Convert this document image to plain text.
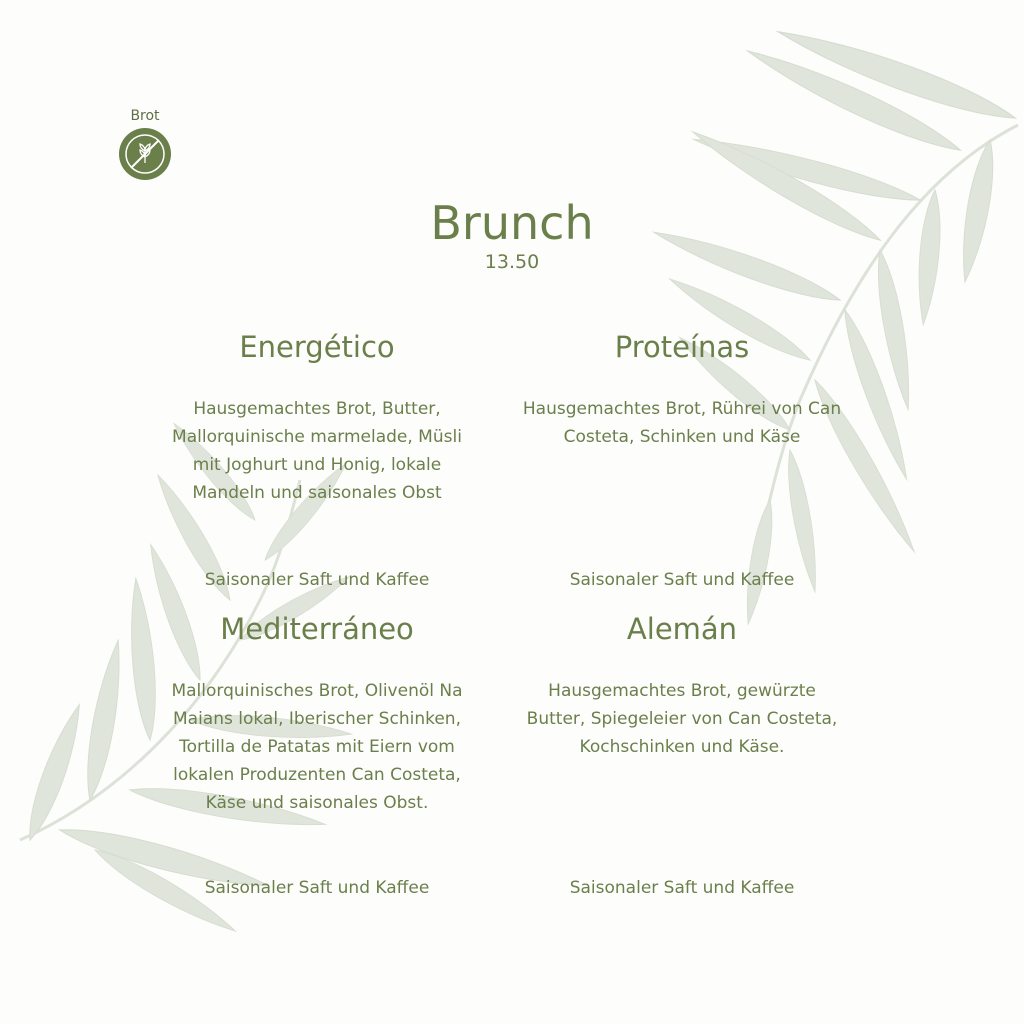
Brot
Brunch
13.50
Energético
Hausgemachtes Brot, Butter, Mallorquinische marmelade, Müsli mit Joghurt und Honig, lokale Mandeln und saisonales Obst
Saisonaler Saft und Kaffee
Proteínas
Hausgemachtes Brot, Rührei von Can Costeta, Schinken und Käse
Saisonaler Saft und Kaffee
Mediterráneo
Mallorquinisches Brot, Olivenöl Na Maians lokal, Iberischer Schinken, Tortilla de Patatas mit Eiern vom lokalen Produzenten Can Costeta, Käse und saisonales Obst.
Saisonaler Saft und Kaffee
Alemán
Hausgemachtes Brot, gewürzte Butter, Spiegeleier von Can Costeta, Kochschinken und Käse.
Saisonaler Saft und Kaffee
